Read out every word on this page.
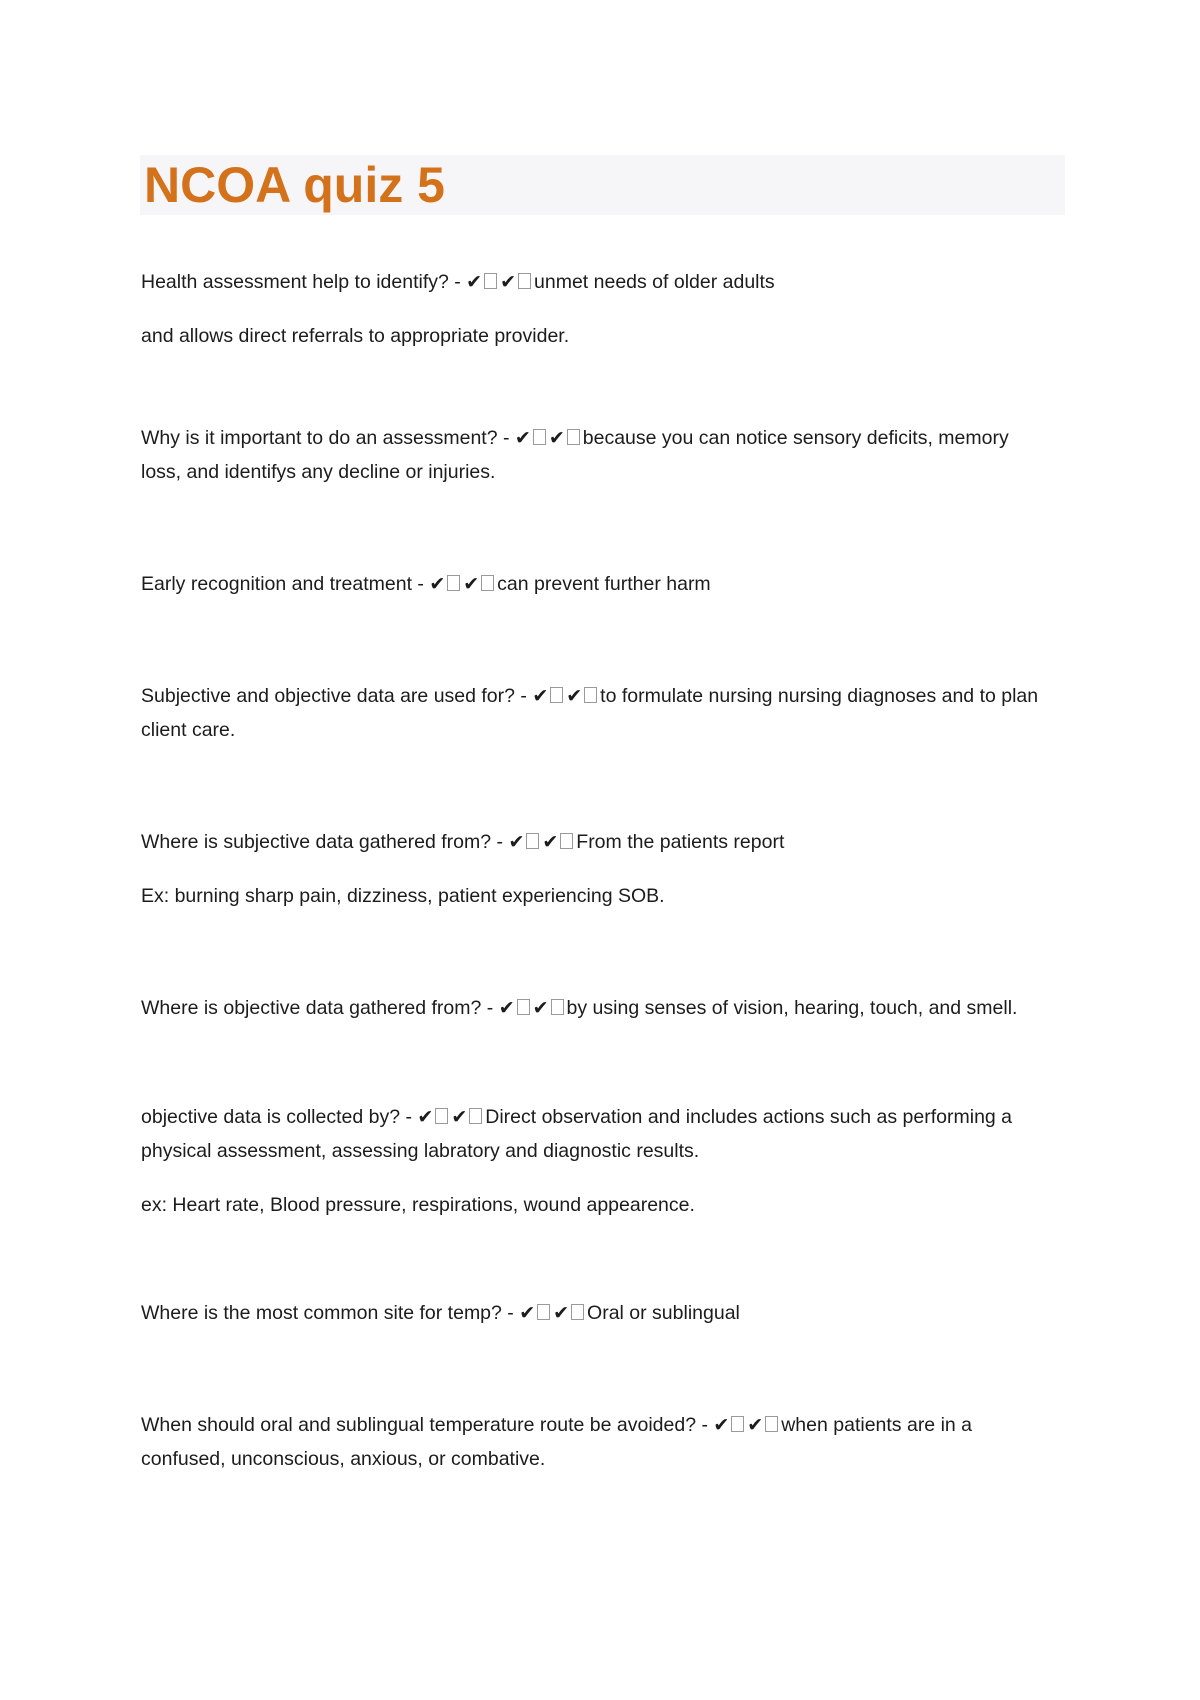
NCOA quiz 5

Health assessment help to identify? - ✔ ✔ unmet needs of older adults

and allows direct referrals to appropriate provider.

Why is it important to do an assessment? - ✔ ✔ because you can notice sensory deficits, memory loss, and identifys any decline or injuries.

Early recognition and treatment - ✔ ✔ can prevent further harm

Subjective and objective data are used for? - ✔ ✔ to formulate nursing nursing diagnoses and to plan client care.

Where is subjective data gathered from? - ✔ ✔ From the patients report

Ex: burning sharp pain, dizziness, patient experiencing SOB.

Where is objective data gathered from? - ✔ ✔ by using senses of vision, hearing, touch, and smell.

objective data is collected by? - ✔ ✔ Direct observation and includes actions such as performing a physical assessment, assessing labratory and diagnostic results.

ex: Heart rate, Blood pressure, respirations, wound appearence.

Where is the most common site for temp? - ✔ ✔ Oral or sublingual

When should oral and sublingual temperature route be avoided? - ✔ ✔ when patients are in a confused, unconscious, anxious, or combative.
